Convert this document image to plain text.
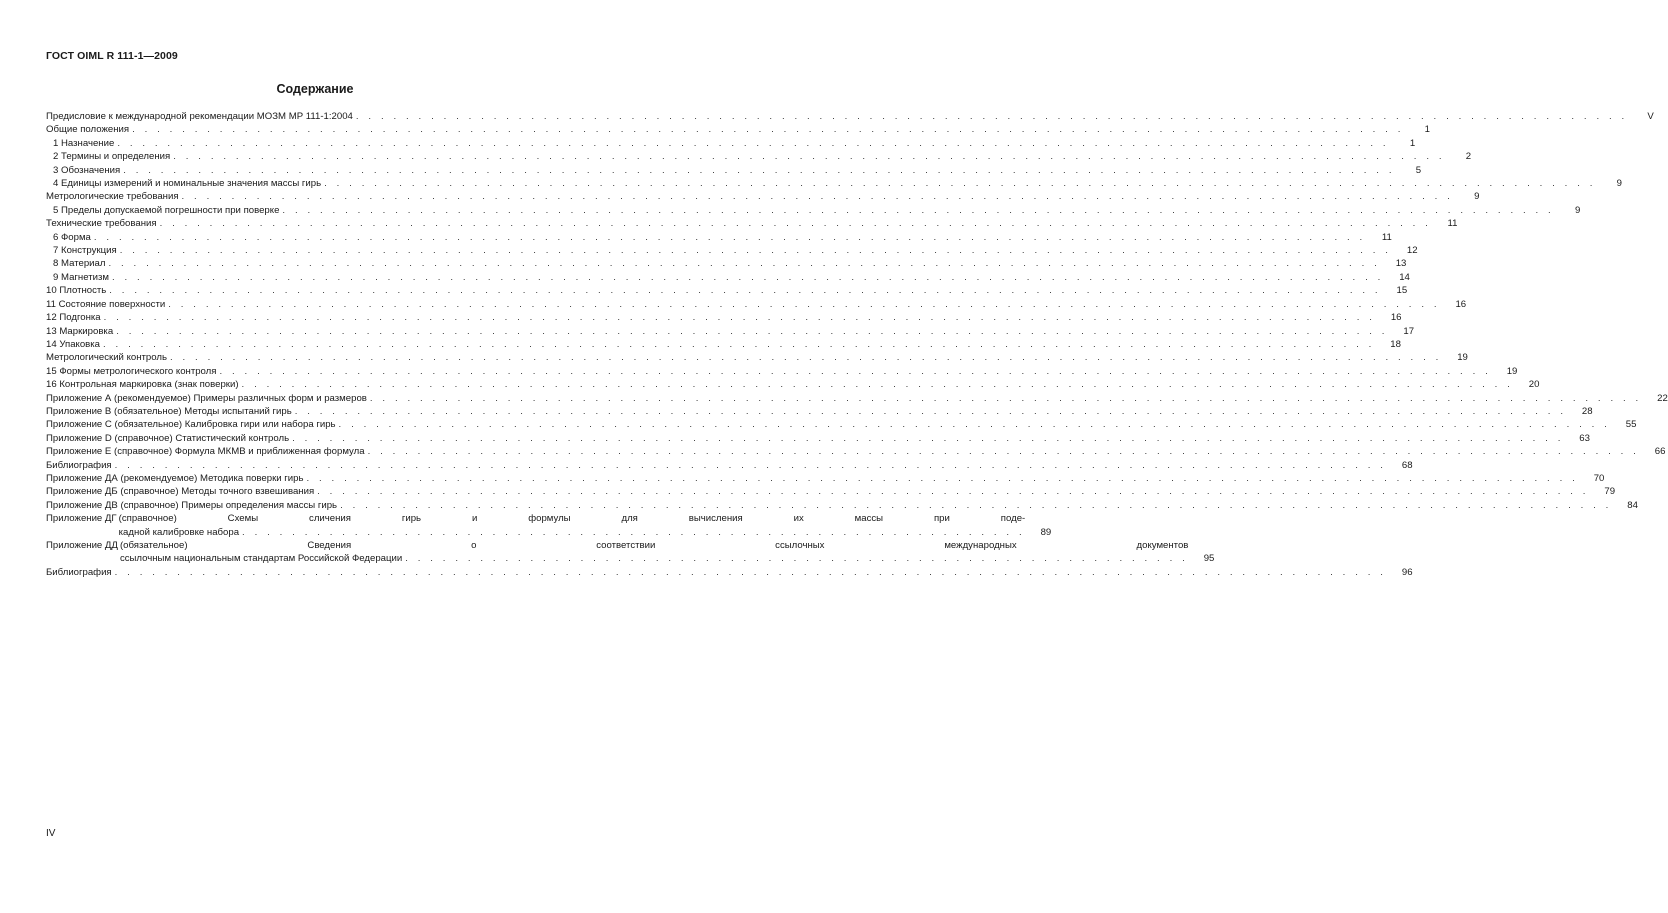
ГОСТ OIML R 111-1—2009
Содержание
Предисловие к международной рекомендации МОЗМ МР 111-1:2004 . . .	V
Общие положения . . .	1
1 Назначение . . .	1
2 Термины и определения . . .	2
3 Обозначения . . .	5
4 Единицы измерений и номинальные значения массы гирь . . .	9
Метрологические требования . . .	9
5 Пределы допускаемой погрешности при поверке . . .	9
Технические требования . . .	11
6 Форма . . .	11
7 Конструкция . . .	12
8 Материал . . .	13
9 Магнетизм . . .	14
10 Плотность . . .	15
11 Состояние поверхности . . .	16
12 Подгонка . . .	16
13 Маркировка . . .	17
14 Упаковка . . .	18
Метрологический контроль . . .	19
15 Формы метрологического контроля . . .	19
16 Контрольная маркировка (знак поверки) . . .	20
Приложение А (рекомендуемое) Примеры различных форм и размеров . . .	22
Приложение В (обязательное) Методы испытаний гирь . . .	28
Приложение С (обязательное) Калибровка гири или набора гирь . . .	55
Приложение D (справочное) Статистический контроль . . .	63
Приложение Е (справочное) Формула МКМВ и приближенная формула . . .	66
Библиография . . .	68
Приложение ДА (рекомендуемое) Методика поверки гирь . . .	70
Приложение ДБ (справочное) Методы точного взвешивания . . .	79
Приложение ДВ (справочное) Примеры определения массы гирь . . .	84
Приложение ДГ (справочное) Схемы сличения гирь и формулы для вычисления их массы при поде-
кадной калибровке набора . . .	89
Приложение ДД (обязательное) Сведения о соответствии ссылочных международных документов
ссылочным национальным стандартам Российской Федерации . . .	95
Библиография . . .	96
IV
